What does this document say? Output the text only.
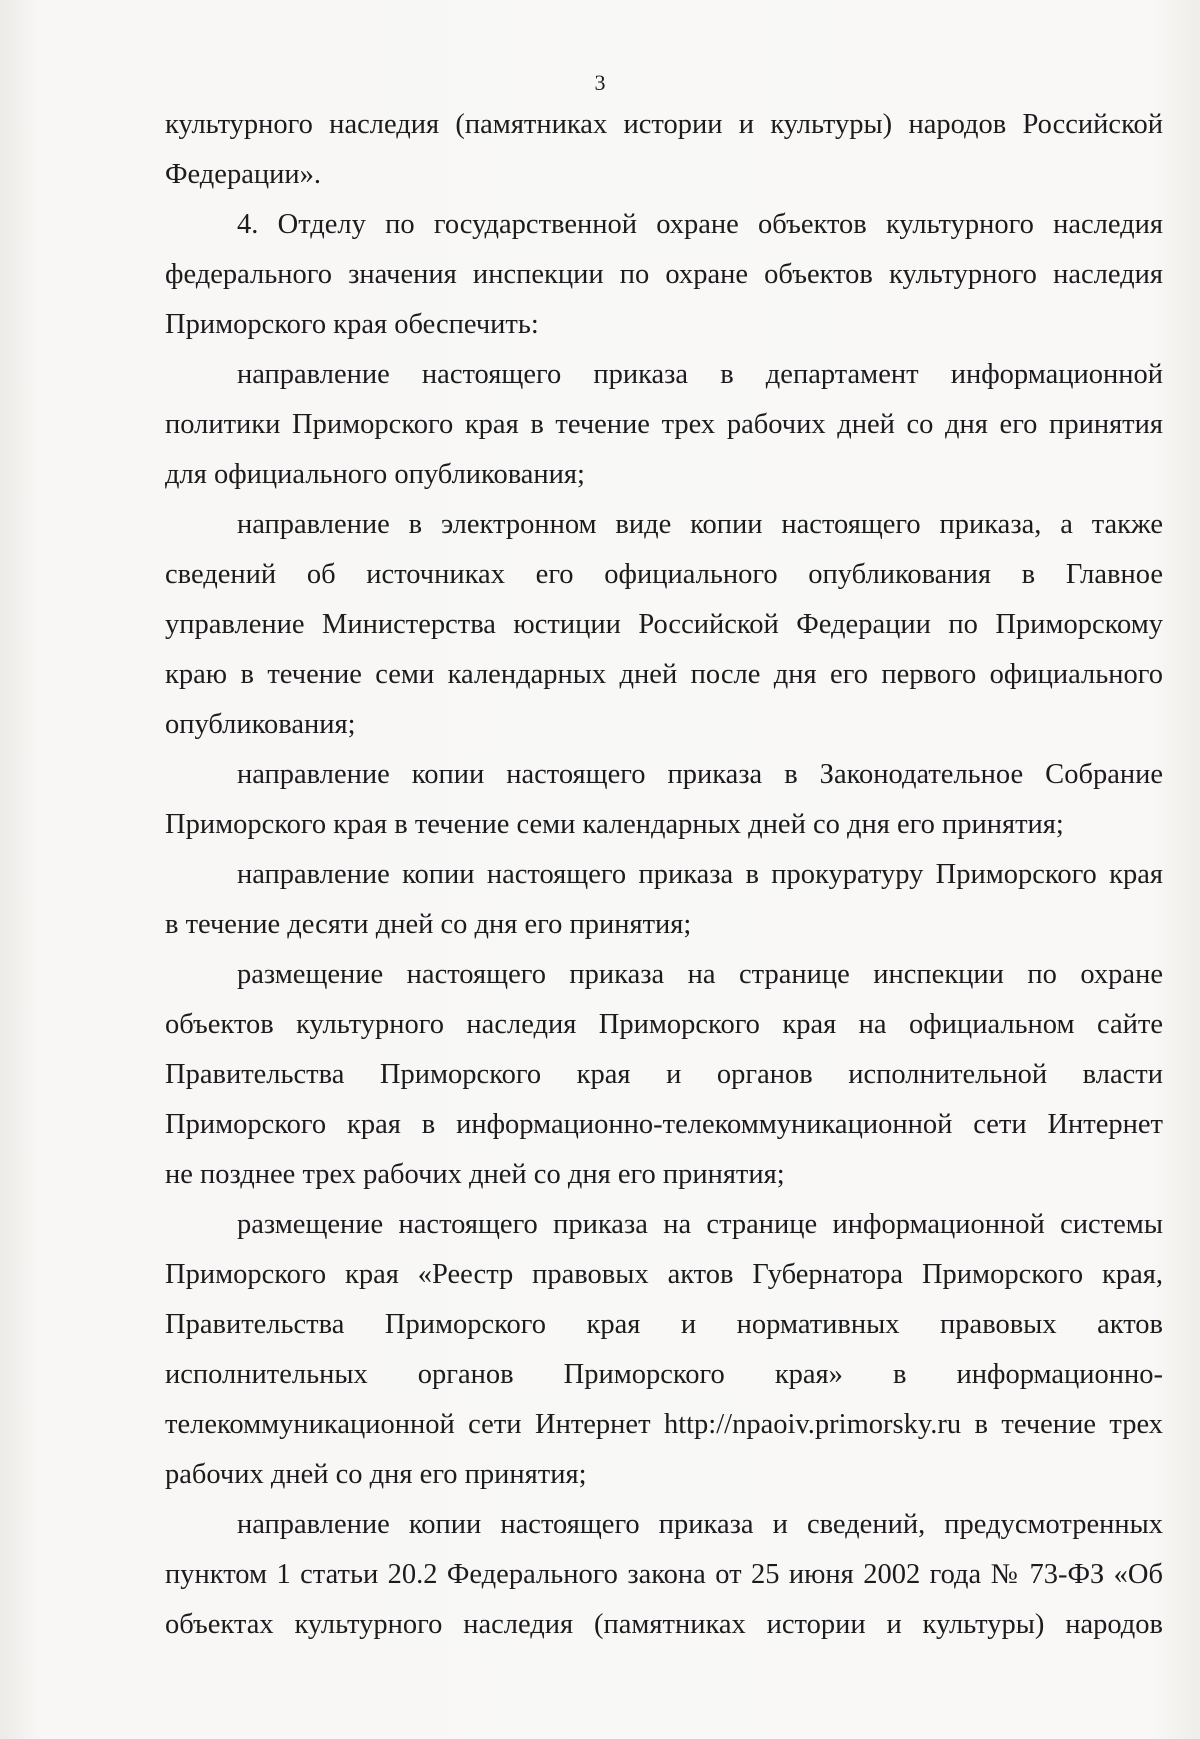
3
культурного наследия (памятниках истории и культуры) народов Российской
Федерации».
4. Отделу по государственной охране объектов культурного наследия
федерального значения инспекции по охране объектов культурного наследия
Приморского края обеспечить:
направление настоящего приказа в департамент информационной
политики Приморского края в течение трех рабочих дней со дня его принятия
для официального опубликования;
направление в электронном виде копии настоящего приказа, а также
сведений об источниках его официального опубликования в Главное
управление Министерства юстиции Российской Федерации по Приморскому
краю в течение семи календарных дней после дня его первого официального
опубликования;
направление копии настоящего приказа в Законодательное Собрание
Приморского края в течение семи календарных дней со дня его принятия;
направление копии настоящего приказа в прокуратуру Приморского края
в течение десяти дней со дня его принятия;
размещение настоящего приказа на странице инспекции по охране
объектов культурного наследия Приморского края на официальном сайте
Правительства Приморского края и органов исполнительной власти
Приморского края в информационно-телекоммуникационной сети Интернет
не позднее трех рабочих дней со дня его принятия;
размещение настоящего приказа на странице информационной системы
Приморского края «Реестр правовых актов Губернатора Приморского края,
Правительства Приморского края и нормативных правовых актов
исполнительных органов Приморского края» в информационно-
телекоммуникационной сети Интернет http://npaoiv.primorsky.ru в течение трех
рабочих дней со дня его принятия;
направление копии настоящего приказа и сведений, предусмотренных
пунктом 1 статьи 20.2 Федерального закона от 25 июня 2002 года № 73-ФЗ «Об
объектах культурного наследия (памятниках истории и культуры) народов
